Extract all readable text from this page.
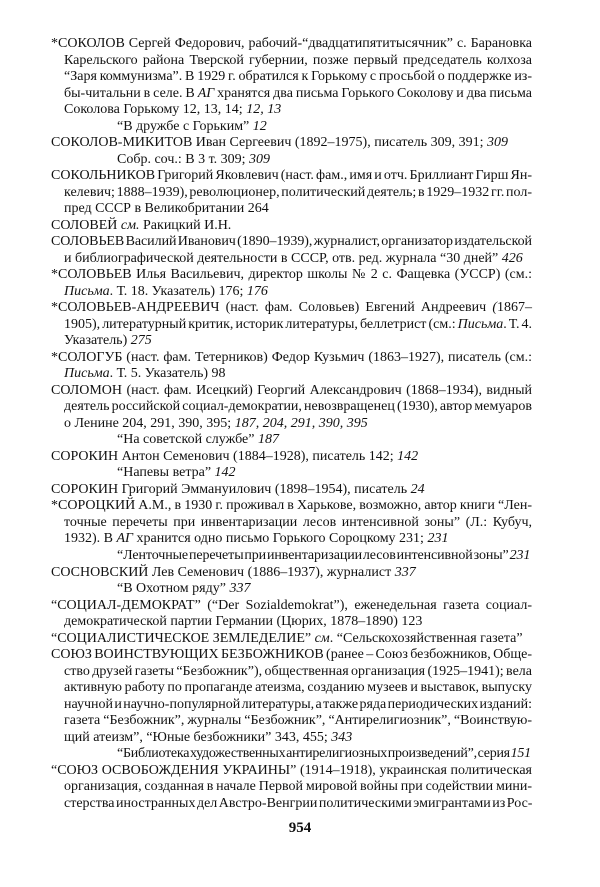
*СОКОЛОВ Сергей Федорович, рабочий-“двадцатипятитысячник” с. Барановка
Карельского района Тверской губернии, позже первый председатель колхоза
“Заря коммунизма”. В 1929 г. обратился к Горькому с просьбой о поддержке из-
бы-читальни в селе. В АГ хранятся два письма Горького Соколову и два письма
Соколова Горькому 12, 13, 14; 12, 13
“В дружбе с Горьким” 12
СОКОЛОВ-МИКИТОВ Иван Сергеевич (1892–1975), писатель 309, 391; 309
Собр. соч.: В 3 т. 309; 309
СОКОЛЬНИКОВ Григорий Яковлевич (наст. фам., имя и отч. Бриллиант Гирш Ян-
келевич; 1888–1939), революционер, политический деятель; в 1929–1932 гг. пол-
пред СССР в Великобритании 264
СОЛОВЕЙ см. Ракицкий И.Н.
СОЛОВЬЕВ Василий Иванович (1890–1939), журналист, организатор издательской
и библиографической деятельности в СССР, отв. ред. журнала “30 дней” 426
*СОЛОВЬЕВ Илья Васильевич, директор школы № 2 с. Фащевка (УССР) (см.:
Письма. Т. 18. Указатель) 176; 176
*СОЛОВЬЕВ-АНДРЕЕВИЧ (наст. фам. Соловьев) Евгений Андреевич (1867–
1905), литературный критик, историк литературы, беллетрист (см.: Письма. Т. 4.
Указатель) 275
*СОЛОГУБ (наст. фам. Тетерников) Федор Кузьмич (1863–1927), писатель (см.:
Письма. Т. 5. Указатель) 98
СОЛОМОН (наст. фам. Исецкий) Георгий Александрович (1868–1934), видный
деятель российской социал-демократии, невозвращенец (1930), автор мемуаров
о Ленине 204, 291, 390, 395; 187, 204, 291, 390, 395
“На советской службе” 187
СОРОКИН Антон Семенович (1884–1928), писатель 142; 142
“Напевы ветра” 142
СОРОКИН Григорий Эммануилович (1898–1954), писатель 24
*СОРОЦКИЙ А.М., в 1930 г. проживал в Харькове, возможно, автор книги “Лен-
точные перечеты при инвентаризации лесов интенсивной зоны” (Л.: Кубуч,
1932). В АГ хранится одно письмо Горького Сороцкому 231; 231
“Ленточные перечеты при инвентаризации лесов интенсивной зоны” 231
СОСНОВСКИЙ Лев Семенович (1886–1937), журналист 337
“В Охотном ряду” 337
“СОЦИАЛ-ДЕМОКРАТ” (“Der Sozialdemokrat”), еженедельная газета социал-
демократической партии Германии (Цюрих, 1878–1890) 123
“СОЦИАЛИСТИЧЕСКОЕ ЗЕМЛЕДЕЛИЕ” см. “Сельскохозяйственная газета”
СОЮЗ ВОИНСТВУЮЩИХ БЕЗБОЖНИКОВ (ранее – Союз безбожников, Обще-
ство друзей газеты “Безбожник”), общественная организация (1925–1941); вела
активную работу по пропаганде атеизма, созданию музеев и выставок, выпуску
научной и научно-популярной литературы, а также ряда периодических изданий:
газета “Безбожник”, журналы “Безбожник”, “Антирелигиозник”, “Воинствую-
щий атеизм”, “Юные безбожники” 343, 455; 343
“Библиотека художественных антирелигиозных произведений”, серия 151
“СОЮЗ ОСВОБОЖДЕНИЯ УКРАИНЫ” (1914–1918), украинская политическая
организация, созданная в начале Первой мировой войны при содействии мини-
стерства иностранных дел Австро-Венгрии политическими эмигрантами из Рос-
954
